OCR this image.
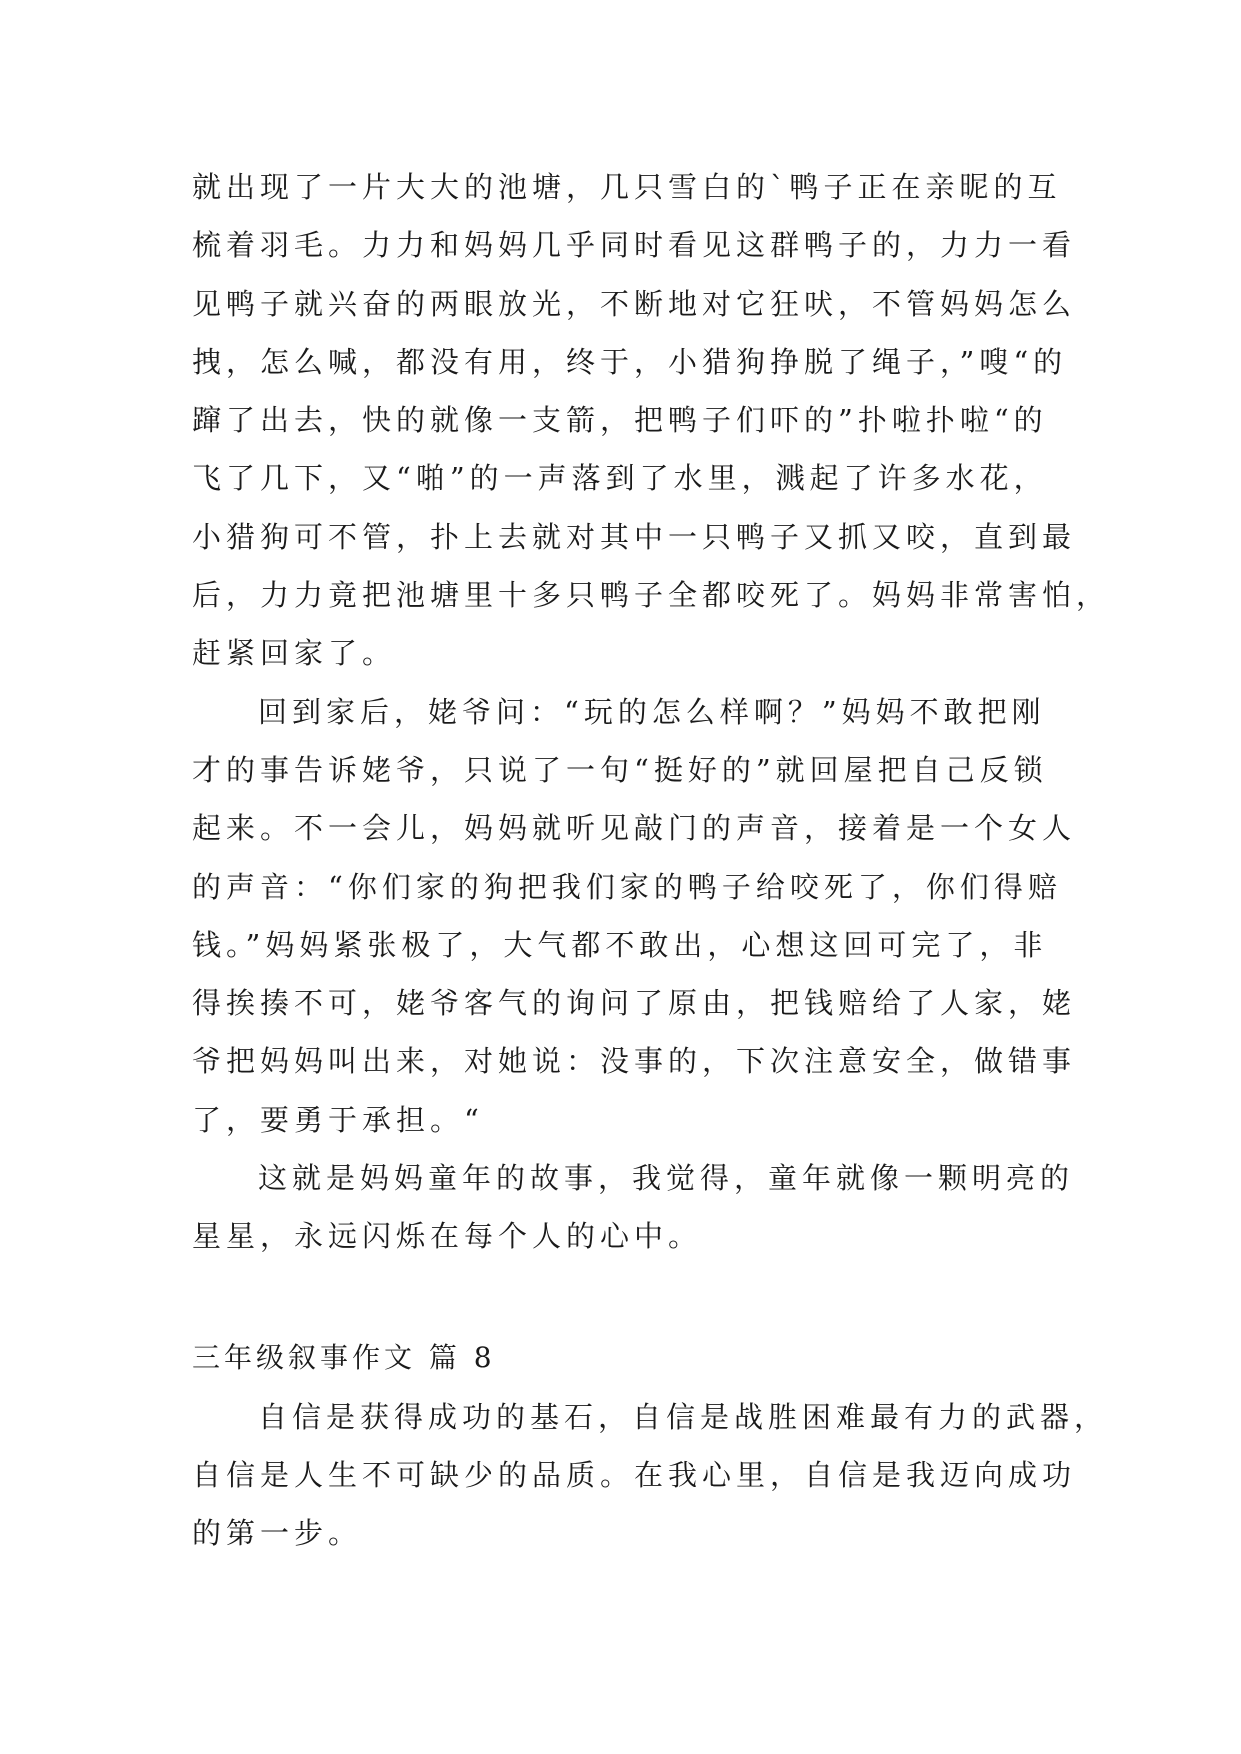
就出现了一片大大的池塘，几只雪白的`鸭子正在亲昵的互
梳着羽毛。力力和妈妈几乎同时看见这群鸭子的，力力一看
见鸭子就兴奋的两眼放光，不断地对它狂吠，不管妈妈怎么
拽，怎么喊，都没有用，终于，小猎狗挣脱了绳子，”嗖“的
蹿了出去，快的就像一支箭，把鸭子们吓的”扑啦扑啦“的
飞了几下，又“啪”的一声落到了水里，溅起了许多水花，
小猎狗可不管，扑上去就对其中一只鸭子又抓又咬，直到最
后，力力竟把池塘里十多只鸭子全都咬死了。妈妈非常害怕，
赶紧回家了。
回到家后，姥爷问：“玩的怎么样啊？”妈妈不敢把刚
才的事告诉姥爷，只说了一句“挺好的”就回屋把自己反锁
起来。不一会儿，妈妈就听见敲门的声音，接着是一个女人
的声音：“你们家的狗把我们家的鸭子给咬死了，你们得赔
钱。”妈妈紧张极了，大气都不敢出，心想这回可完了，非
得挨揍不可，姥爷客气的询问了原由，把钱赔给了人家，姥
爷把妈妈叫出来，对她说：没事的，下次注意安全，做错事
了，要勇于承担。“
这就是妈妈童年的故事，我觉得，童年就像一颗明亮的
星星，永远闪烁在每个人的心中。
三年级叙事作文 篇 8
自信是获得成功的基石，自信是战胜困难最有力的武器，
自信是人生不可缺少的品质。在我心里，自信是我迈向成功
的第一步。
